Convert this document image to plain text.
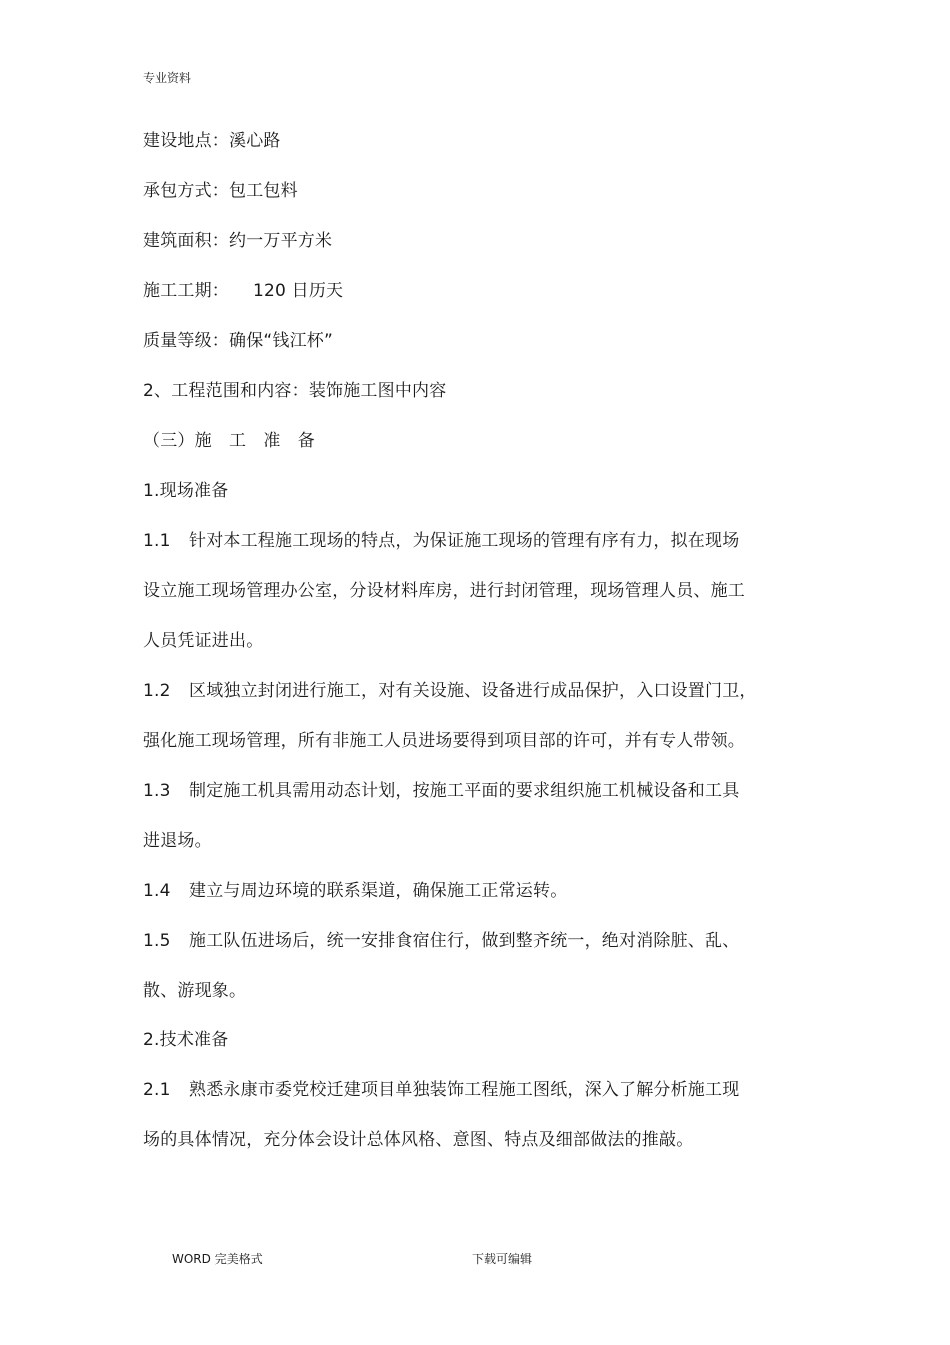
专业资料
建设地点：溪心路
承包方式：包工包料
建筑面积：约一万平方米
施工工期： 120 日历天
质量等级：确保“钱江杯”
2、工程范围和内容：装饰施工图中内容
（三）施　工　准　备
1.现场准备
1.1 针对本工程施工现场的特点，为保证施工现场的管理有序有力，拟在现场
设立施工现场管理办公室，分设材料库房，进行封闭管理，现场管理人员、施工
人员凭证进出。
1.2 区域独立封闭进行施工，对有关设施、设备进行成品保护，入口设置门卫，
强化施工现场管理，所有非施工人员进场要得到项目部的许可，并有专人带领。
1.3 制定施工机具需用动态计划，按施工平面的要求组织施工机械设备和工具
进退场。
1.4 建立与周边环境的联系渠道，确保施工正常运转。
1.5 施工队伍进场后，统一安排食宿住行，做到整齐统一，绝对消除脏、乱、
散、游现象。
2.技术准备
2.1 熟悉永康市委党校迁建项目单独装饰工程施工图纸，深入了解分析施工现
场的具体情况，充分体会设计总体风格、意图、特点及细部做法的推敲。
WORD 完美格式	下载可编辑
